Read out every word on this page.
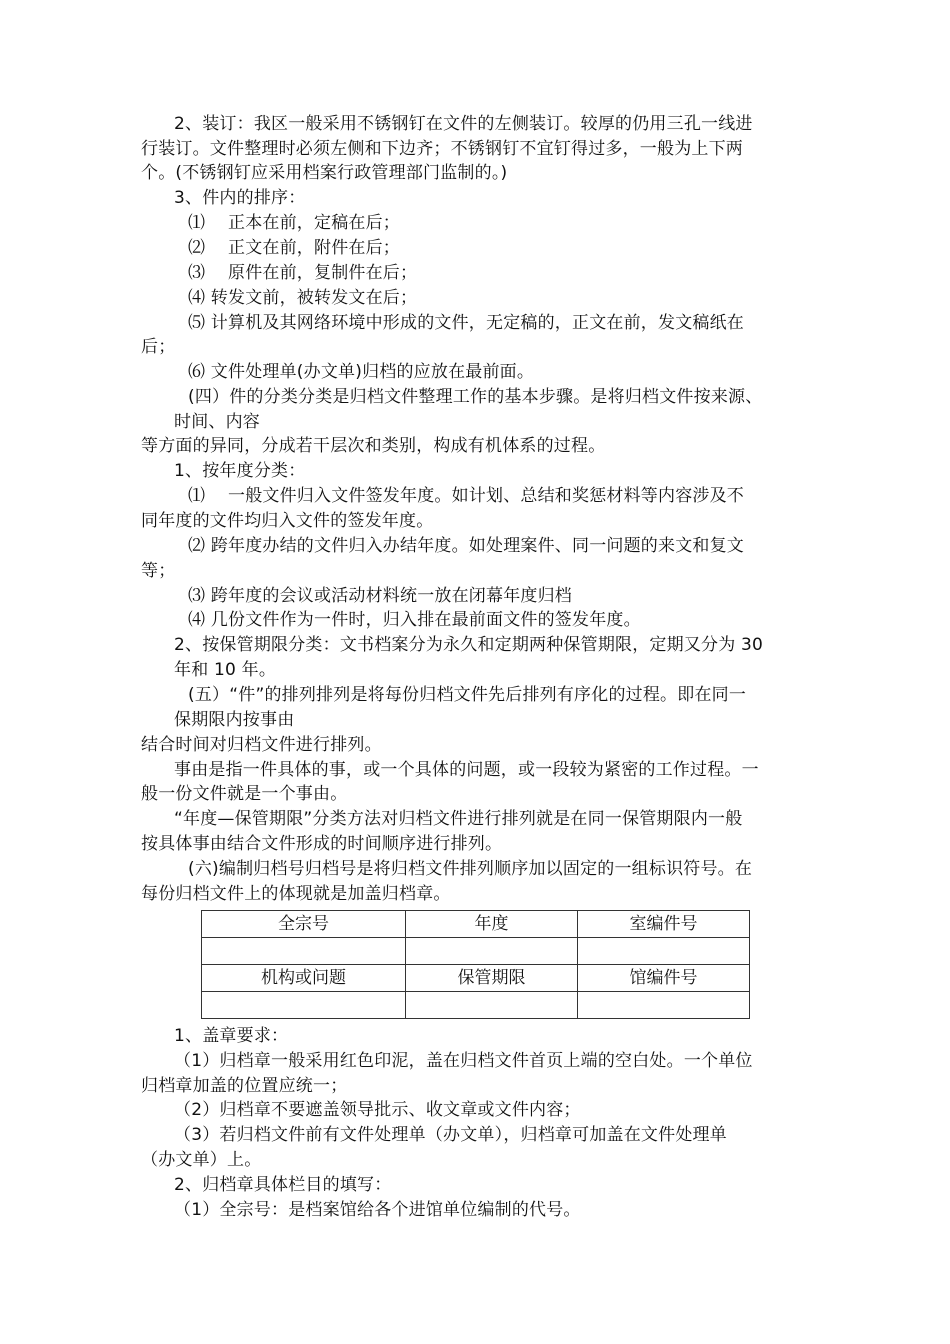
2、装订：我区一般采用不锈钢钉在文件的左侧装订。较厚的仍用三孔一线进
行装订。文件整理时必须左侧和下边齐；不锈钢钉不宜钉得过多，一般为上下两
个。(不锈钢钉应采用档案行政管理部门监制的。)
3、件内的排序：
⑴　 正本在前，定稿在后；
⑵　 正文在前，附件在后；
⑶　 原件在前，复制件在后；
⑷ 转发文前，被转发文在后；
⑸ 计算机及其网络环境中形成的文件，无定稿的，正文在前，发文稿纸在
后；
⑹ 文件处理单(办文单)归档的应放在最前面。
(四）件的分类分类是归档文件整理工作的基本步骤。是将归档文件按来源、
时间、内容
等方面的异同，分成若干层次和类别，构成有机体系的过程。
1、按年度分类：
⑴　 一般文件归入文件签发年度。如计划、总结和奖惩材料等内容涉及不
同年度的文件均归入文件的签发年度。
⑵ 跨年度办结的文件归入办结年度。如处理案件、同一问题的来文和复文
等；
⑶ 跨年度的会议或活动材料统一放在闭幕年度归档
⑷ 几份文件作为一件时，归入排在最前面文件的签发年度。
2、按保管期限分类：文书档案分为永久和定期两种保管期限，定期又分为 30
年和 10 年。
(五）“件”的排列排列是将每份归档文件先后排列有序化的过程。即在同一
保期限内按事由
结合时间对归档文件进行排列。
事由是指一件具体的事，或一个具体的问题，或一段较为紧密的工作过程。一
般一份文件就是一个事由。
“年度—保管期限”分类方法对归档文件进行排列就是在同一保管期限内一般
按具体事由结合文件形成的时间顺序进行排列。
(六)编制归档号归档号是将归档文件排列顺序加以固定的一组标识符号。在
每份归档文件上的体现就是加盖归档章。
全宗号	年度	室编件号

机构或问题	保管期限	馆编件号

1、盖章要求：
（1）归档章一般采用红色印泥，盖在归档文件首页上端的空白处。一个单位
归档章加盖的位置应统一；
（2）归档章不要遮盖领导批示、收文章或文件内容；
（3）若归档文件前有文件处理单（办文单），归档章可加盖在文件处理单
（办文单）上。
2、归档章具体栏目的填写：
（1）全宗号：是档案馆给各个进馆单位编制的代号。
